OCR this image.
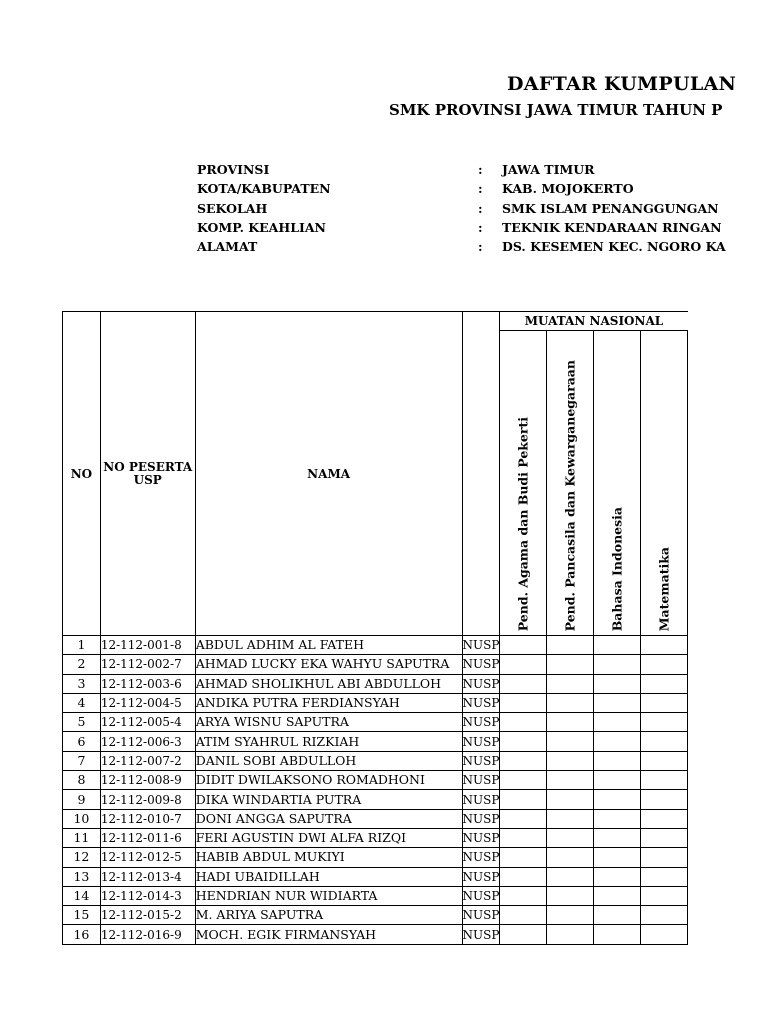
DAFTAR KUMPULAN
SMK PROVINSI JAWA TIMUR TAHUN P
PROVINSI	: JAWA TIMUR
KOTA/KABUPATEN	: KAB. MOJOKERTO
SEKOLAH	: SMK ISLAM PENANGGUNGAN
KOMP. KEAHLIAN	: TEKNIK KENDARAAN RINGAN
ALAMAT	: DS. KESEMEN KEC. NGORO KA
NO	NO PESERTA USP	NAMA		MUATAN NASIONAL			

				Pend. Agama dan Budi Pekerti	Pend. Pancasila dan Kewarganegaraan	Bahasa Indonesia	Matematika

1	12-112-001-8	ABDUL ADHIM AL FATEH	NUSP				
2	12-112-002-7	AHMAD LUCKY EKA WAHYU SAPUTRA	NUSP				
3	12-112-003-6	AHMAD SHOLIKHUL ABI ABDULLOH	NUSP				
4	12-112-004-5	ANDIKA PUTRA FERDIANSYAH	NUSP				
5	12-112-005-4	ARYA WISNU SAPUTRA	NUSP				
6	12-112-006-3	ATIM SYAHRUL RIZKIAH	NUSP				
7	12-112-007-2	DANIL SOBI ABDULLOH	NUSP				
8	12-112-008-9	DIDIT DWILAKSONO ROMADHONI	NUSP				
9	12-112-009-8	DIKA WINDARTIA PUTRA	NUSP				
10	12-112-010-7	DONI ANGGA SAPUTRA	NUSP				
11	12-112-011-6	FERI AGUSTIN DWI ALFA RIZQI	NUSP				
12	12-112-012-5	HABIB ABDUL MUKIYI	NUSP				
13	12-112-013-4	HADI UBAIDILLAH	NUSP				
14	12-112-014-3	HENDRIAN NUR WIDIARTA	NUSP				
15	12-112-015-2	M. ARIYA SAPUTRA	NUSP				
16	12-112-016-9	MOCH. EGIK FIRMANSYAH	NUSP				
